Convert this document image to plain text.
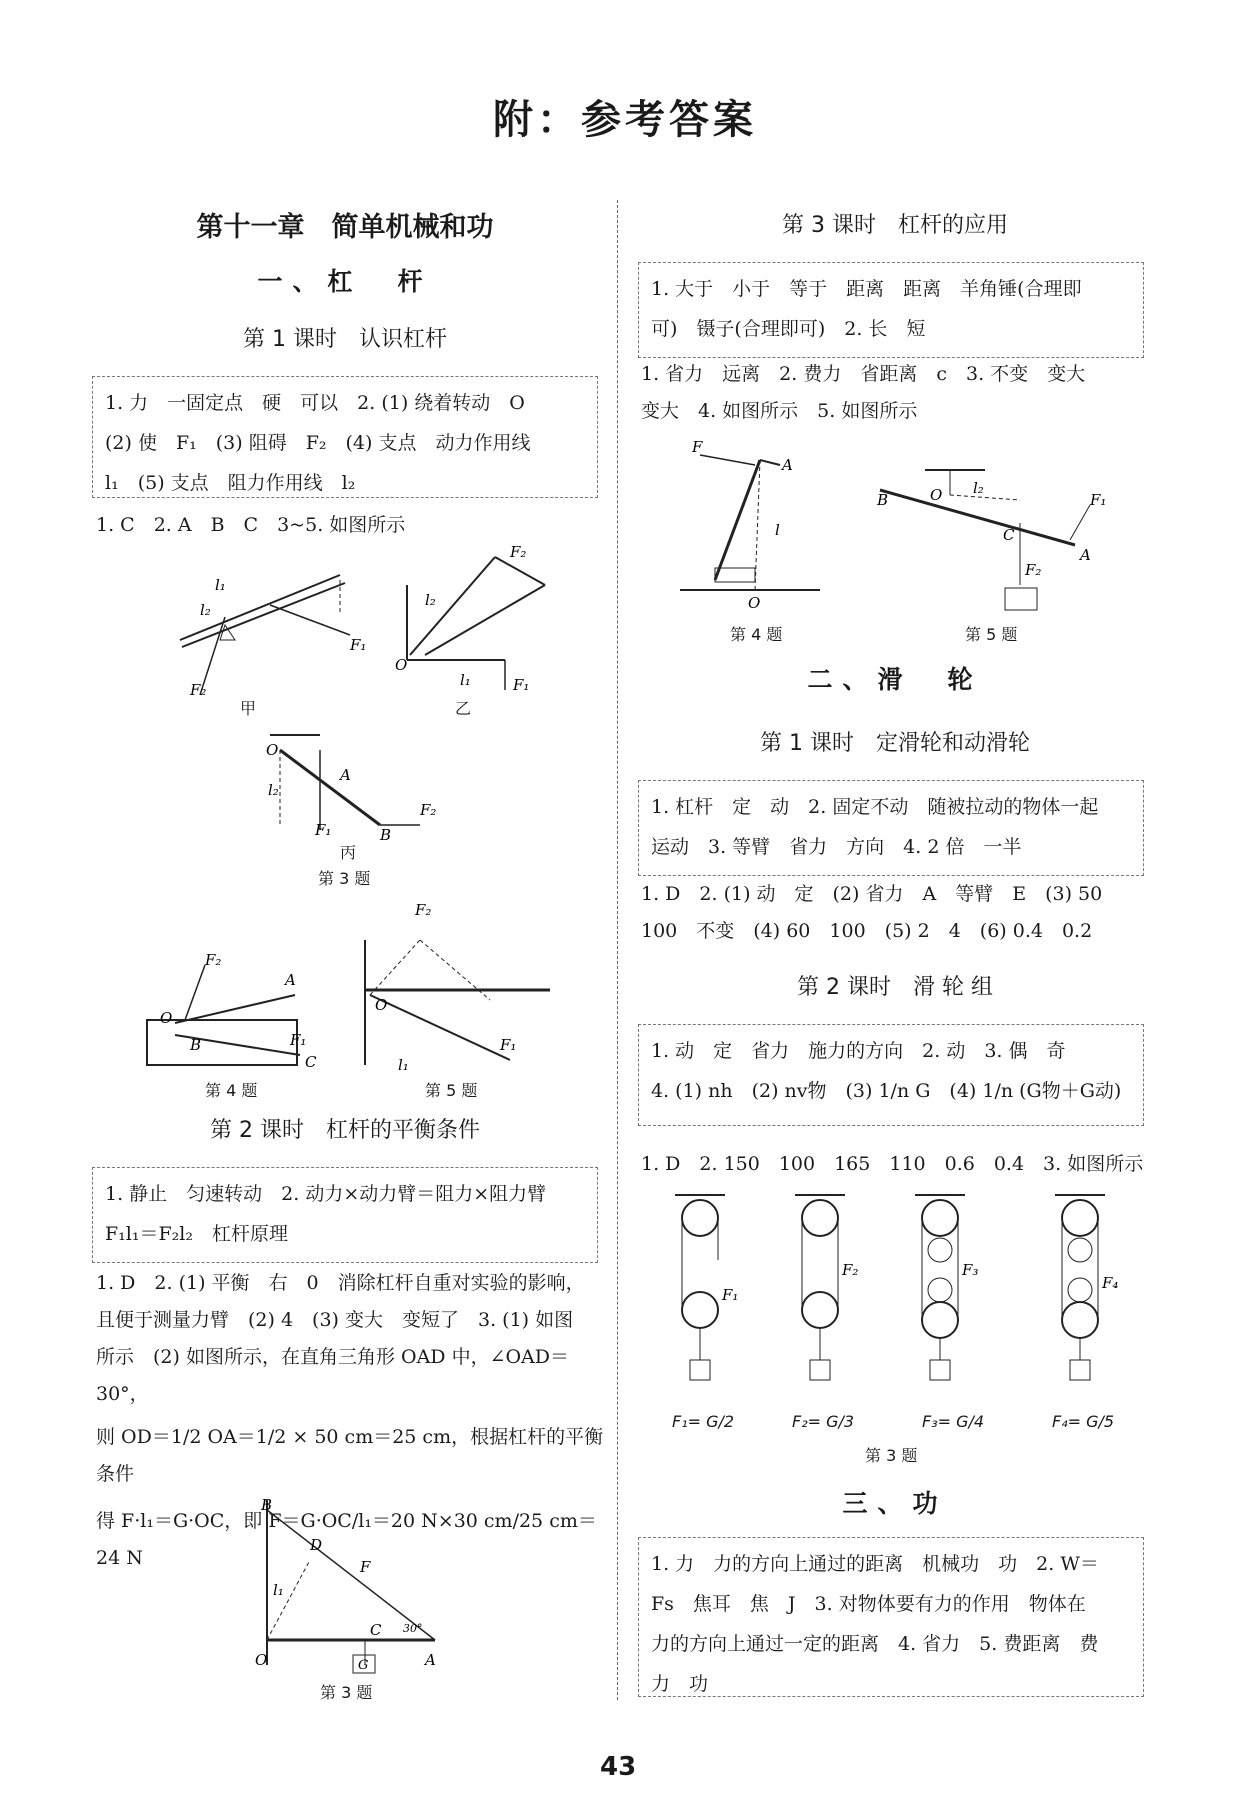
附：参考答案
第十一章　简单机械和功
一、杠　杆
第 1 课时　认识杠杆
1. 力　一固定点　硬　可以　2. (1) 绕着转动　O
(2) 使　F₁　(3) 阻碍　F₂　(4) 支点　动力作用线
l₁　(5) 支点　阻力作用线　l₂
1. C　2. A　B　C　3~5. 如图所示
l₂
l₁
F₁
F₂
甲
l₂
F₁
F₂
O
l₁
乙
O
A
B
l₂
F₂
F₁
丙
第 3 题
O
B
A
F₁
C
F₂
第 4 题
F₂
O
l₁
F₁
第 5 题
第 2 课时　杠杆的平衡条件
1. 静止　匀速转动　2. 动力×动力臂＝阻力×阻力臂
F₁l₁＝F₂l₂　杠杆原理
1. D　2. (1) 平衡　右　0　消除杠杆自重对实验的影响，
且便于测量力臂　(2) 4　(3) 变大　变短了　3. (1) 如图
所示　(2) 如图所示，在直角三角形 OAD 中，∠OAD＝30°，
则 OD＝1/2 OA＝1/2 × 50 cm＝25 cm，根据杠杆的平衡条件
得 F·l₁＝G·OC，即 F＝G·OC/l₁＝20 N×30 cm/25 cm＝24 N
B
D
F
l₁
30°
O
C
A
G
第 3 题
第 3 课时　杠杆的应用
1. 大于　小于　等于　距离　距离　羊角锤(合理即
可)　镊子(合理即可)　2. 长　短
1. 省力　远离　2. 费力　省距离　c　3. 不变　变大
变大　4. 如图所示　5. 如图所示
F
A
l
O
第 4 题
B	O l₂
C
A
F₁
F₂
第 5 题
二、滑　轮
第 1 课时　定滑轮和动滑轮
1. 杠杆　定　动　2. 固定不动　随被拉动的物体一起
运动　3. 等臂　省力　方向　4. 2 倍　一半
1. D　2. (1) 动　定　(2) 省力　A　等臂　E　(3) 50
100　不变　(4) 60　100　(5) 2　4　(6) 0.4　0.2
第 2 课时　滑 轮 组
1. 动　定　省力　施力的方向　2. 动　3. 偶　奇
4. (1) nh　(2) nv物　(3) 1/n G　(4) 1/n (G物＋G动)
1. D　2. 150　100　165　110　0.6　0.4　3. 如图所示
F₁
F₂	F₃
F₄
F₁= G/2	F₂= G/3	F₃= G/4	F₄= G/5
第 3 题
三、功
1. 力　力的方向上通过的距离　机械功　功　2. W＝
Fs　焦耳　焦　J　3. 对物体要有力的作用　物体在
力的方向上通过一定的距离　4. 省力　5. 费距离　费
力　功
43
